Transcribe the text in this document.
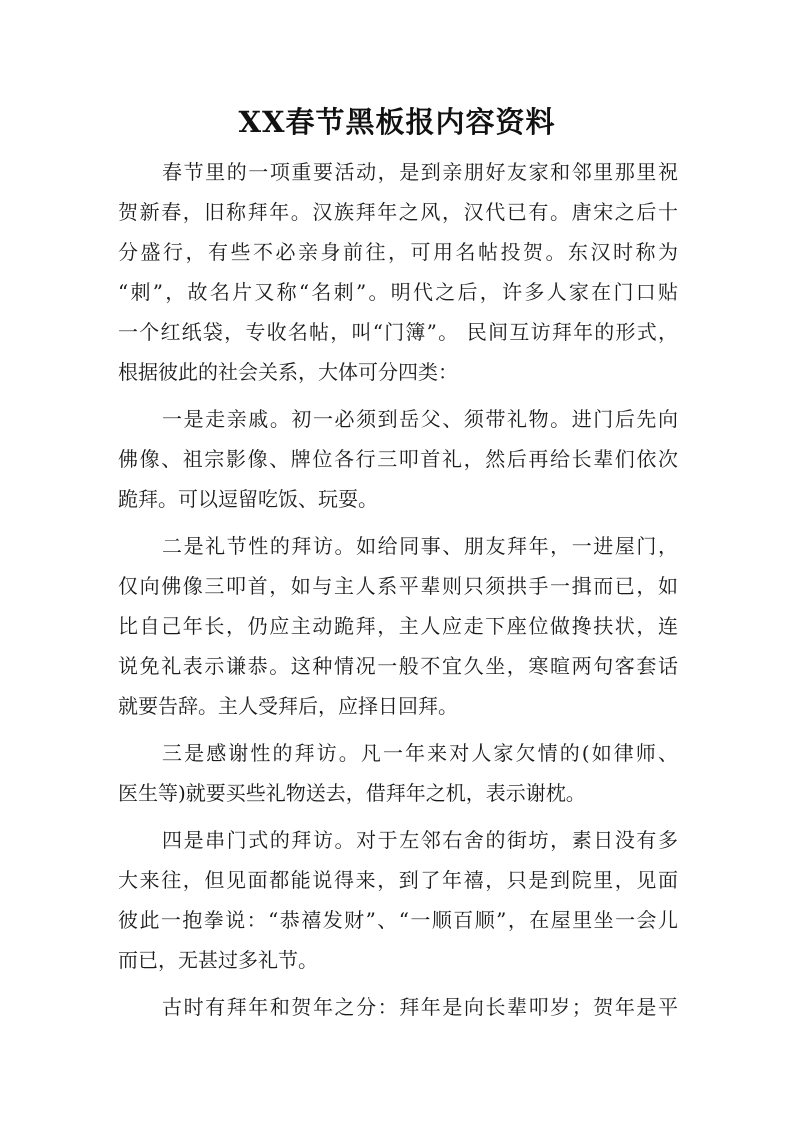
XX春节黑板报内容资料

春节里的一项重要活动，是到亲朋好友家和邻里那里祝
贺新春，旧称拜年。汉族拜年之风，汉代已有。唐宋之后十
分盛行，有些不必亲身前往，可用名帖投贺。东汉时称为
“刺”，故名片又称“名刺”。明代之后，许多人家在门口贴
一个红纸袋，专收名帖，叫“门簿”。 民间互访拜年的形式，
根据彼此的社会关系，大体可分四类：

一是走亲戚。初一必须到岳父、须带礼物。进门后先向
佛像、祖宗影像、牌位各行三叩首礼，然后再给长辈们依次
跪拜。可以逗留吃饭、玩耍。

二是礼节性的拜访。如给同事、朋友拜年，一进屋门，
仅向佛像三叩首，如与主人系平辈则只须拱手一揖而已，如
比自己年长，仍应主动跪拜，主人应走下座位做搀扶状，连
说免礼表示谦恭。这种情况一般不宜久坐，寒暄两句客套话
就要告辞。主人受拜后，应择日回拜。

三是感谢性的拜访。凡一年来对人家欠情的(如律师、
医生等)就要买些礼物送去，借拜年之机，表示谢枕。

四是串门式的拜访。对于左邻右舍的街坊，素日没有多
大来往，但见面都能说得来，到了年禧，只是到院里，见面
彼此一抱拳说：“恭禧发财”、“一顺百顺”，在屋里坐一会儿
而已，无甚过多礼节。

古时有拜年和贺年之分：拜年是向长辈叩岁；贺年是平
